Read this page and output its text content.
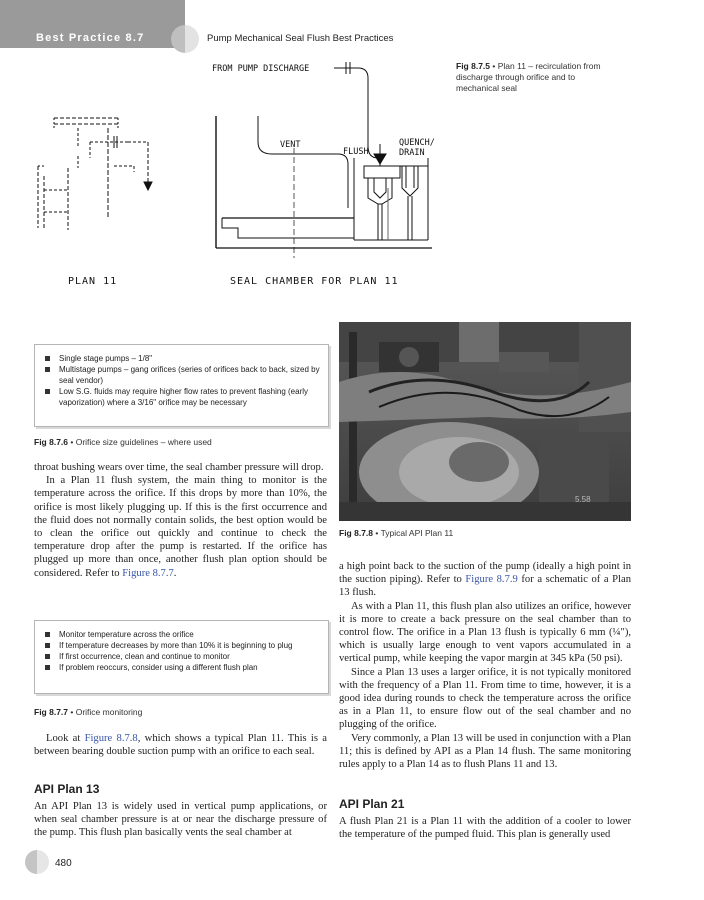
Best Practice 8.7	Pump Mechanical Seal Flush Best Practices
FROM PUMP DISCHARGE
VENT
FLUSH
QUENCH/
DRAIN
PLAN 11	SEAL CHAMBER FOR PLAN 11
Fig 8.7.5 • Plan 11 – recirculation from
discharge through orifice and to
mechanical seal
Single stage pumps – 1/8"
Multistage pumps – gang orifices (series of orifices back to back, sized by seal vendor)
Low S.G. fluids may require higher flow rates to prevent flashing (early vaporization) where a 3/16" orifice may be necessary
Fig 8.7.6 • Orifice size guidelines – where used

throat bushing wears over time, the seal chamber pressure will drop.

In a Plan 11 flush system, the main thing to monitor is the temperature across the orifice. If this drops by more than 10%, the orifice is most likely plugging up. If this is the first occurrence and the fluid does not normally contain solids, the best option would be to clean the orifice out quickly and continue to check the temperature drop after the pump is restarted. If the orifice has plugged up more than once, another flush plan option should be considered. Refer to Figure 8.7.7.

Monitor temperature across the orifice
If temperature decreases by more than 10% it is beginning to plug
If first occurrence, clean and continue to monitor
If problem reoccurs, consider using a different flush plan
Fig 8.7.7 • Orifice monitoring

Look at Figure 8.7.8, which shows a typical Plan 11. This is a between bearing double suction pump with an orifice to each seal.

API Plan 13

An API Plan 13 is widely used in vertical pump applications, or when seal chamber pressure is at or near the discharge pressure of the pump. This flush plan basically vents the seal chamber at

5.58
Fig 8.7.8 • Typical API Plan 11

a high point back to the suction of the pump (ideally a high point in the suction piping). Refer to Figure 8.7.9 for a schematic of a Plan 13 flush.

As with a Plan 11, this flush plan also utilizes an orifice, however it is more to create a back pressure on the seal chamber than to control flow. The orifice in a Plan 13 flush is typically 6 mm (¼"), which is usually large enough to vent vapors accumulated in a vertical pump, while keeping the vapor margin at 345 kPa (50 psi).

Since a Plan 13 uses a larger orifice, it is not typically monitored with the frequency of a Plan 11. From time to time, however, it is a good idea during rounds to check the temperature across the orifice as in a Plan 11, to ensure flow out of the seal chamber and no plugging of the orifice.

Very commonly, a Plan 13 will be used in conjunction with a Plan 11; this is defined by API as a Plan 14 flush. The same monitoring rules apply to a Plan 14 as to flush Plans 11 and 13.

API Plan 21

A flush Plan 21 is a Plan 11 with the addition of a cooler to lower the temperature of the pumped fluid. This plan is generally used

480
